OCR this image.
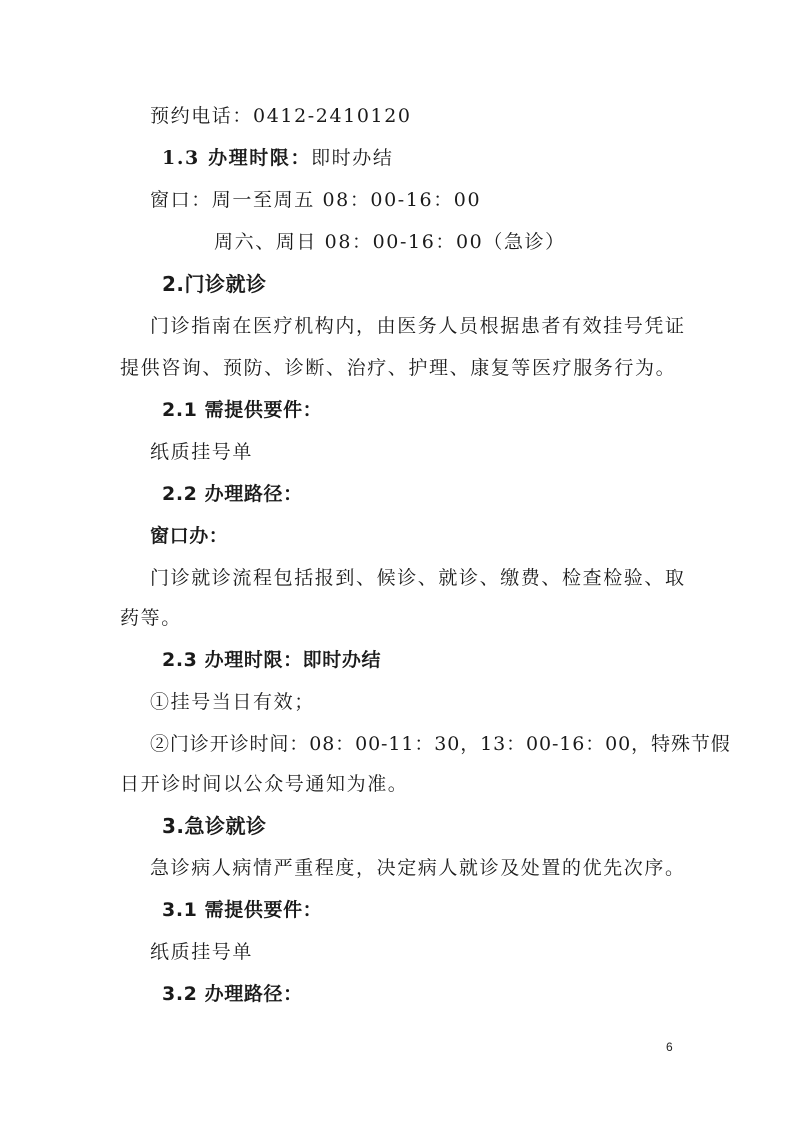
预约电话：0412-2410120
1.3 办理时限：即时办结
窗口：周一至周五 08：00-16：00
周六、周日 08：00-16：00（急诊）
2.门诊就诊
门诊指南在医疗机构内，由医务人员根据患者有效挂号凭证
提供咨询、预防、诊断、治疗、护理、康复等医疗服务行为。
2.1 需提供要件：
纸质挂号单
2.2 办理路径：
窗口办：
门诊就诊流程包括报到、候诊、就诊、缴费、检查检验、取
药等。
2.3 办理时限：即时办结
①挂号当日有效；
②门诊开诊时间：08：00-11：30，13：00-16：00，特殊节假
日开诊时间以公众号通知为准。
3.急诊就诊
急诊病人病情严重程度，决定病人就诊及处置的优先次序。
3.1 需提供要件：
纸质挂号单
3.2 办理路径：
6
